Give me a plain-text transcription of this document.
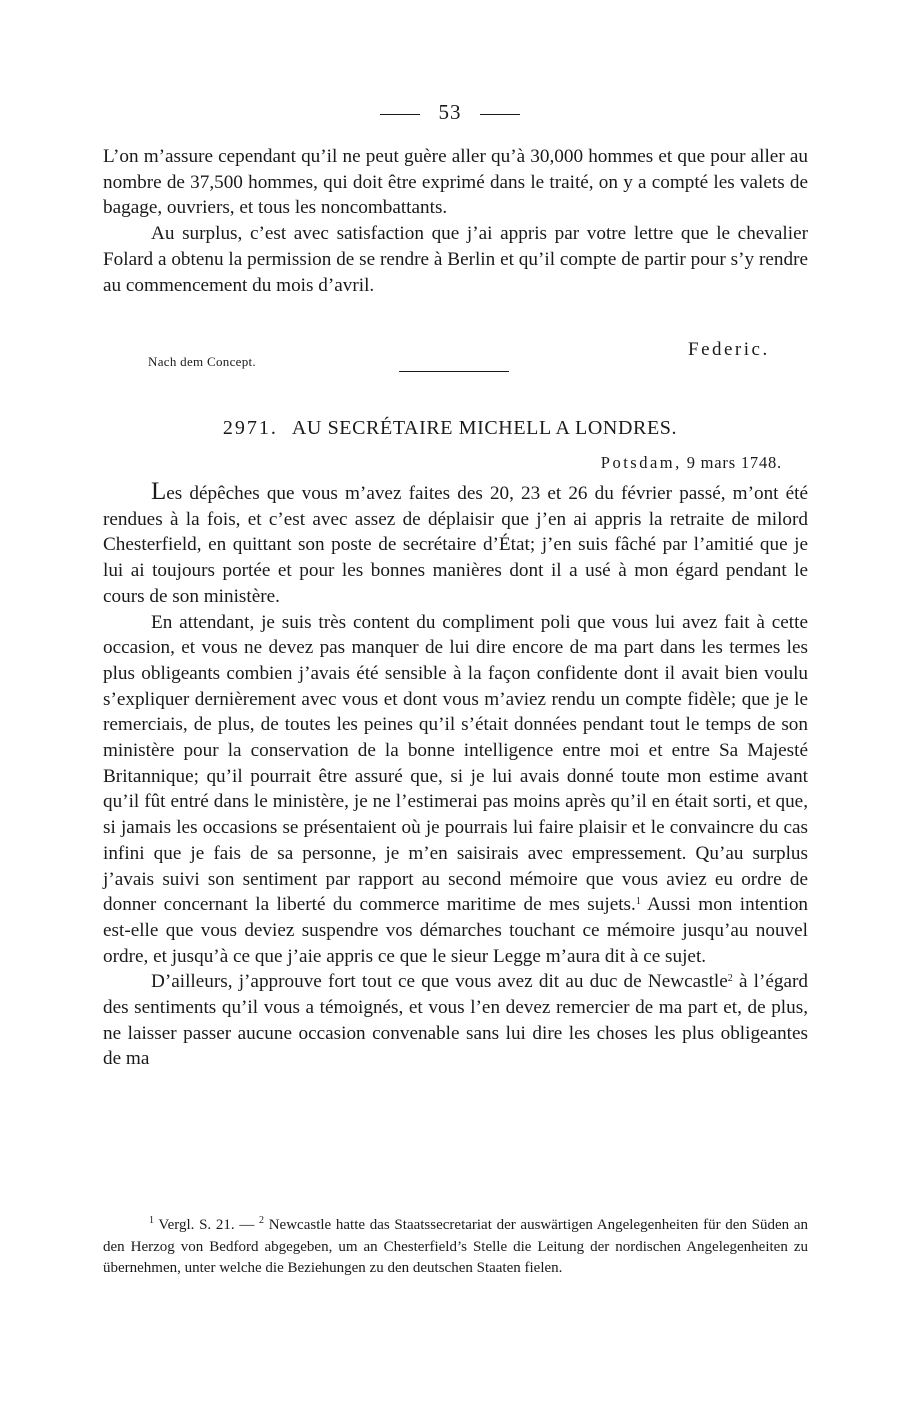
53

L’on m’assure cependant qu’il ne peut guère aller qu’à 30,000 hommes et que pour aller au nombre de 37,500 hommes, qui doit être exprimé dans le traité, on y a compté les valets de bagage, ouvriers, et tous les noncombattants.

Au surplus, c’est avec satisfaction que j’ai appris par votre lettre que le chevalier Folard a obtenu la permission de se rendre à Berlin et qu’il compte de partir pour s’y rendre au commencement du mois d’avril.

Nach dem Concept.
Federic.
2971. AU SECRÉTAIRE MICHELL A LONDRES.
Potsdam, 9 mars 1748.

Les dépêches que vous m’avez faites des 20, 23 et 26 du février passé, m’ont été rendues à la fois, et c’est avec assez de déplaisir que j’en ai appris la retraite de milord Chesterfield, en quittant son poste de secrétaire d’État; j’en suis fâché par l’amitié que je lui ai toujours portée et pour les bonnes manières dont il a usé à mon égard pendant le cours de son ministère.

En attendant, je suis très content du compliment poli que vous lui avez fait à cette occasion, et vous ne devez pas manquer de lui dire encore de ma part dans les termes les plus obligeants combien j’avais été sensible à la façon confidente dont il avait bien voulu s’expliquer dernièrement avec vous et dont vous m’aviez rendu un compte fidèle; que je le remerciais, de plus, de toutes les peines qu’il s’était données pendant tout le temps de son ministère pour la conservation de la bonne intelligence entre moi et entre Sa Majesté Britannique; qu’il pourrait être assuré que, si je lui avais donné toute mon estime avant qu’il fût entré dans le ministère, je ne l’estimerai pas moins après qu’il en était sorti, et que, si jamais les occasions se présentaient où je pourrais lui faire plaisir et le convaincre du cas infini que je fais de sa personne, je m’en saisirais avec empressement. Qu’au surplus j’avais suivi son sentiment par rapport au second mémoire que vous aviez eu ordre de donner concernant la liberté du commerce maritime de mes sujets.$^1$ Aussi mon intention est-elle que vous deviez suspendre vos démarches touchant ce mémoire jusqu’au nouvel ordre, et jusqu’à ce que j’aie appris ce que le sieur Legge m’aura dit à ce sujet.

D’ailleurs, j’approuve fort tout ce que vous avez dit au duc de Newcastle$^2$ à l’égard des sentiments qu’il vous a témoignés, et vous l’en devez remercier de ma part et, de plus, ne laisser passer aucune occasion convenable sans lui dire les choses les plus obligeantes de ma

$^1$ Vergl. S. 21. — $^2$ Newcastle hatte das Staatssecretariat der auswärtigen Angelegenheiten für den Süden an den Herzog von Bedford abgegeben, um an Chesterfield’s Stelle die Leitung der nordischen Angelegenheiten zu übernehmen, unter welche die Beziehungen zu den deutschen Staaten fielen.
